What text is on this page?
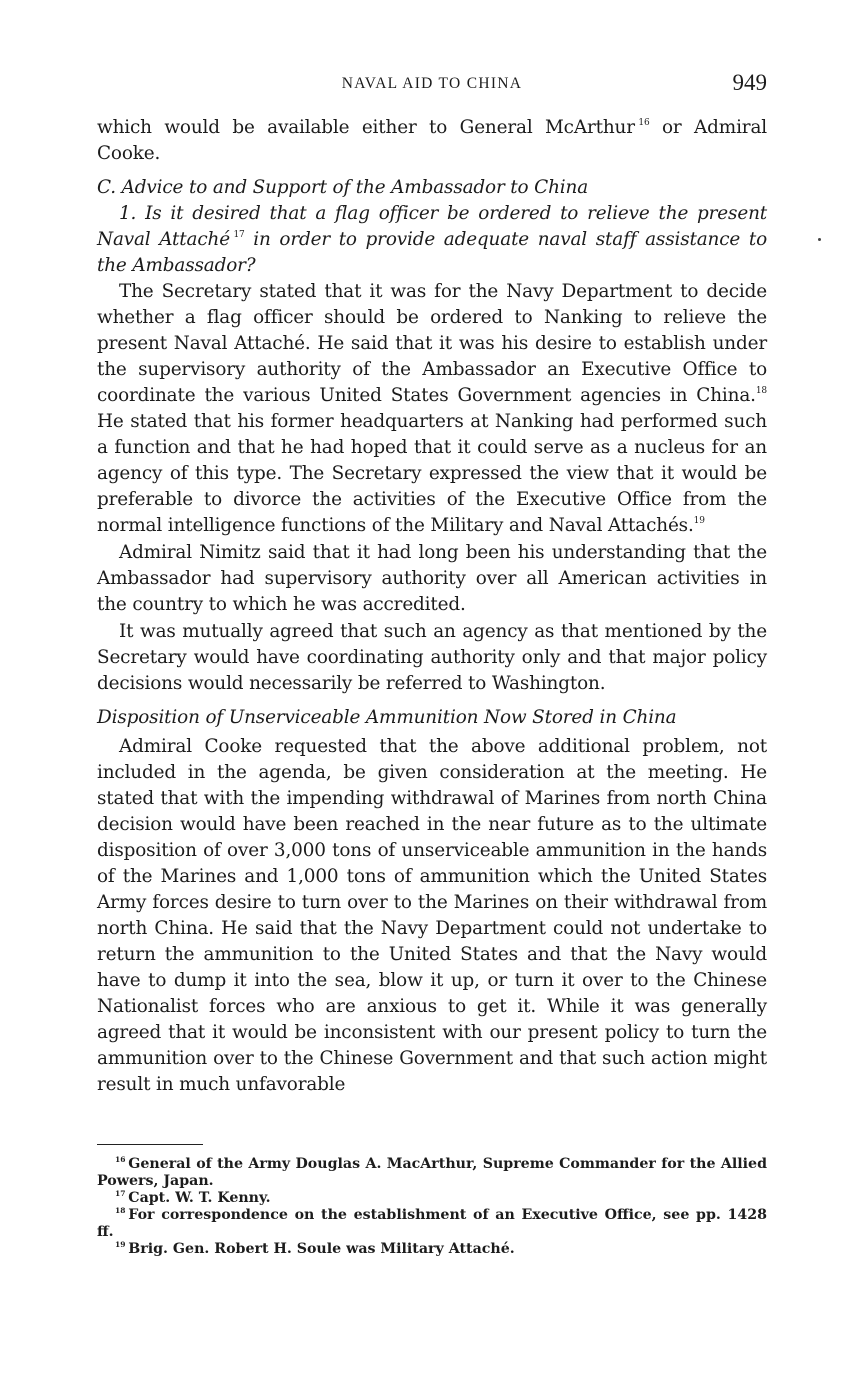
NAVAL AID TO CHINA	949

which would be available either to General McArthur  $^{16}$ or Admiral Cooke.

C. Advice to and Support of the Ambassador to China

1. Is it desired that a flag officer be ordered to relieve the present Naval Attaché  $^{17}$ in order to provide adequate naval staff assistance to the Ambassador?

The Secretary stated that it was for the Navy Department to decide whether a flag officer should be ordered to Nanking to relieve the present Naval Attaché. He said that it was his desire to establish under the supervisory authority of the Ambassador an Executive Office to coordinate the various United States Government agencies in China.$^{18}$ He stated that his former headquarters at Nanking had performed such a function and that he had hoped that it could serve as a nucleus for an agency of this type. The Secretary expressed the view that it would be preferable to divorce the activities of the Executive Office from the normal intelligence functions of the Military and Naval Attachés.$^{19}$

Admiral Nimitz said that it had long been his understanding that the Ambassador had supervisory authority over all American activities in the country to which he was accredited.

It was mutually agreed that such an agency as that mentioned by the Secretary would have coordinating authority only and that major policy decisions would necessarily be referred to Washington.

Disposition of Unserviceable Ammunition Now Stored in China

Admiral Cooke requested that the above additional problem, not included in the agenda, be given consideration at the meeting. He stated that with the impending withdrawal of Marines from north China decision would have been reached in the near future as to the ultimate disposition of over 3,000 tons of unserviceable ammunition in the hands of the Marines and 1,000 tons of ammunition which the United States Army forces desire to turn over to the Marines on their withdrawal from north China. He said that the Navy Department could not undertake to return the ammunition to the United States and that the Navy would have to dump it into the sea, blow it up, or turn it over to the Chinese Nationalist forces who are anxious to get it. While it was generally agreed that it would be inconsistent with our present policy to turn the ammunition over to the Chinese Government and that such action might result in much unfavorable

$^{16}$  General of the Army Douglas A. MacArthur, Supreme Commander for the Allied Powers, Japan.

$^{17}$  Capt. W. T. Kenny.

$^{18}$  For correspondence on the establishment of an Executive Office, see pp. 1428 ff.

$^{19}$  Brig. Gen. Robert H. Soule was Military Attaché.
